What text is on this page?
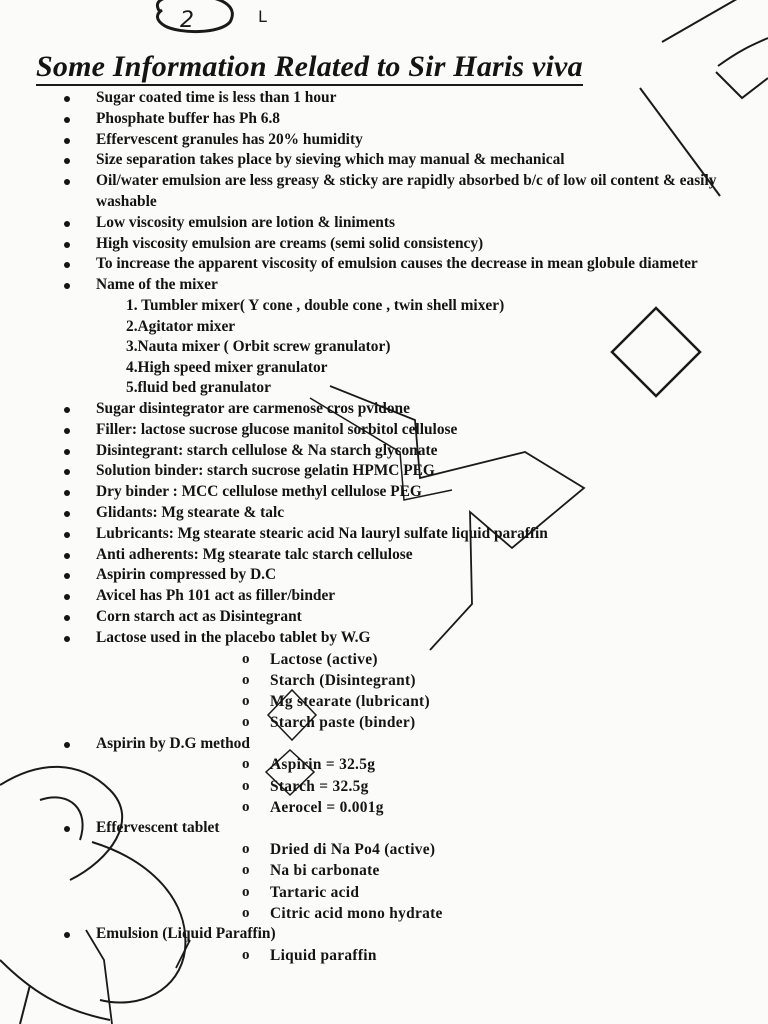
2	L
Some Information Related to Sir Haris viva
Sugar coated time is less than 1 hour
Phosphate buffer has Ph 6.8
Effervescent granules has 20% humidity
Size separation takes place by sieving which may manual & mechanical
Oil/water emulsion are less greasy & sticky are rapidly absorbed b/c of low oil content & easily washable
Low viscosity emulsion are lotion & liniments
High viscosity emulsion are creams (semi solid consistency)
To increase the apparent viscosity of emulsion causes the decrease in mean globule diameter
Name of the mixer
1. Tumbler mixer( Y cone , double cone , twin shell mixer)
2.Agitator mixer
3.Nauta mixer ( Orbit screw granulator)
4.High speed mixer granulator
5.fluid bed granulator
Sugar disintegrator are carmenose cros pvidone
Filler: lactose sucrose glucose manitol sorbitol cellulose
Disintegrant: starch cellulose & Na starch glyconate
Solution binder: starch sucrose gelatin HPMC PEG
Dry binder : MCC cellulose methyl cellulose PEG
Glidants: Mg stearate & talc
Lubricants: Mg stearate stearic acid Na lauryl sulfate liquid paraffin
Anti adherents: Mg stearate talc starch cellulose
Aspirin compressed by D.C
Avicel has Ph 101 act as filler/binder
Corn starch act as Disintegrant
Lactose used in the placebo tablet by W.G
o Lactose (active)
o Starch (Disintegrant)
o Mg stearate (lubricant)
o Starch paste (binder)
Aspirin by D.G method
o Aspirin = 32.5g
o Starch = 32.5g
o Aerocel = 0.001g
Effervescent tablet
o Dried di Na Po4 (active)
o Na bi carbonate
o Tartaric acid
o Citric acid mono hydrate
Emulsion (Liquid Paraffin)
o Liquid paraffin
